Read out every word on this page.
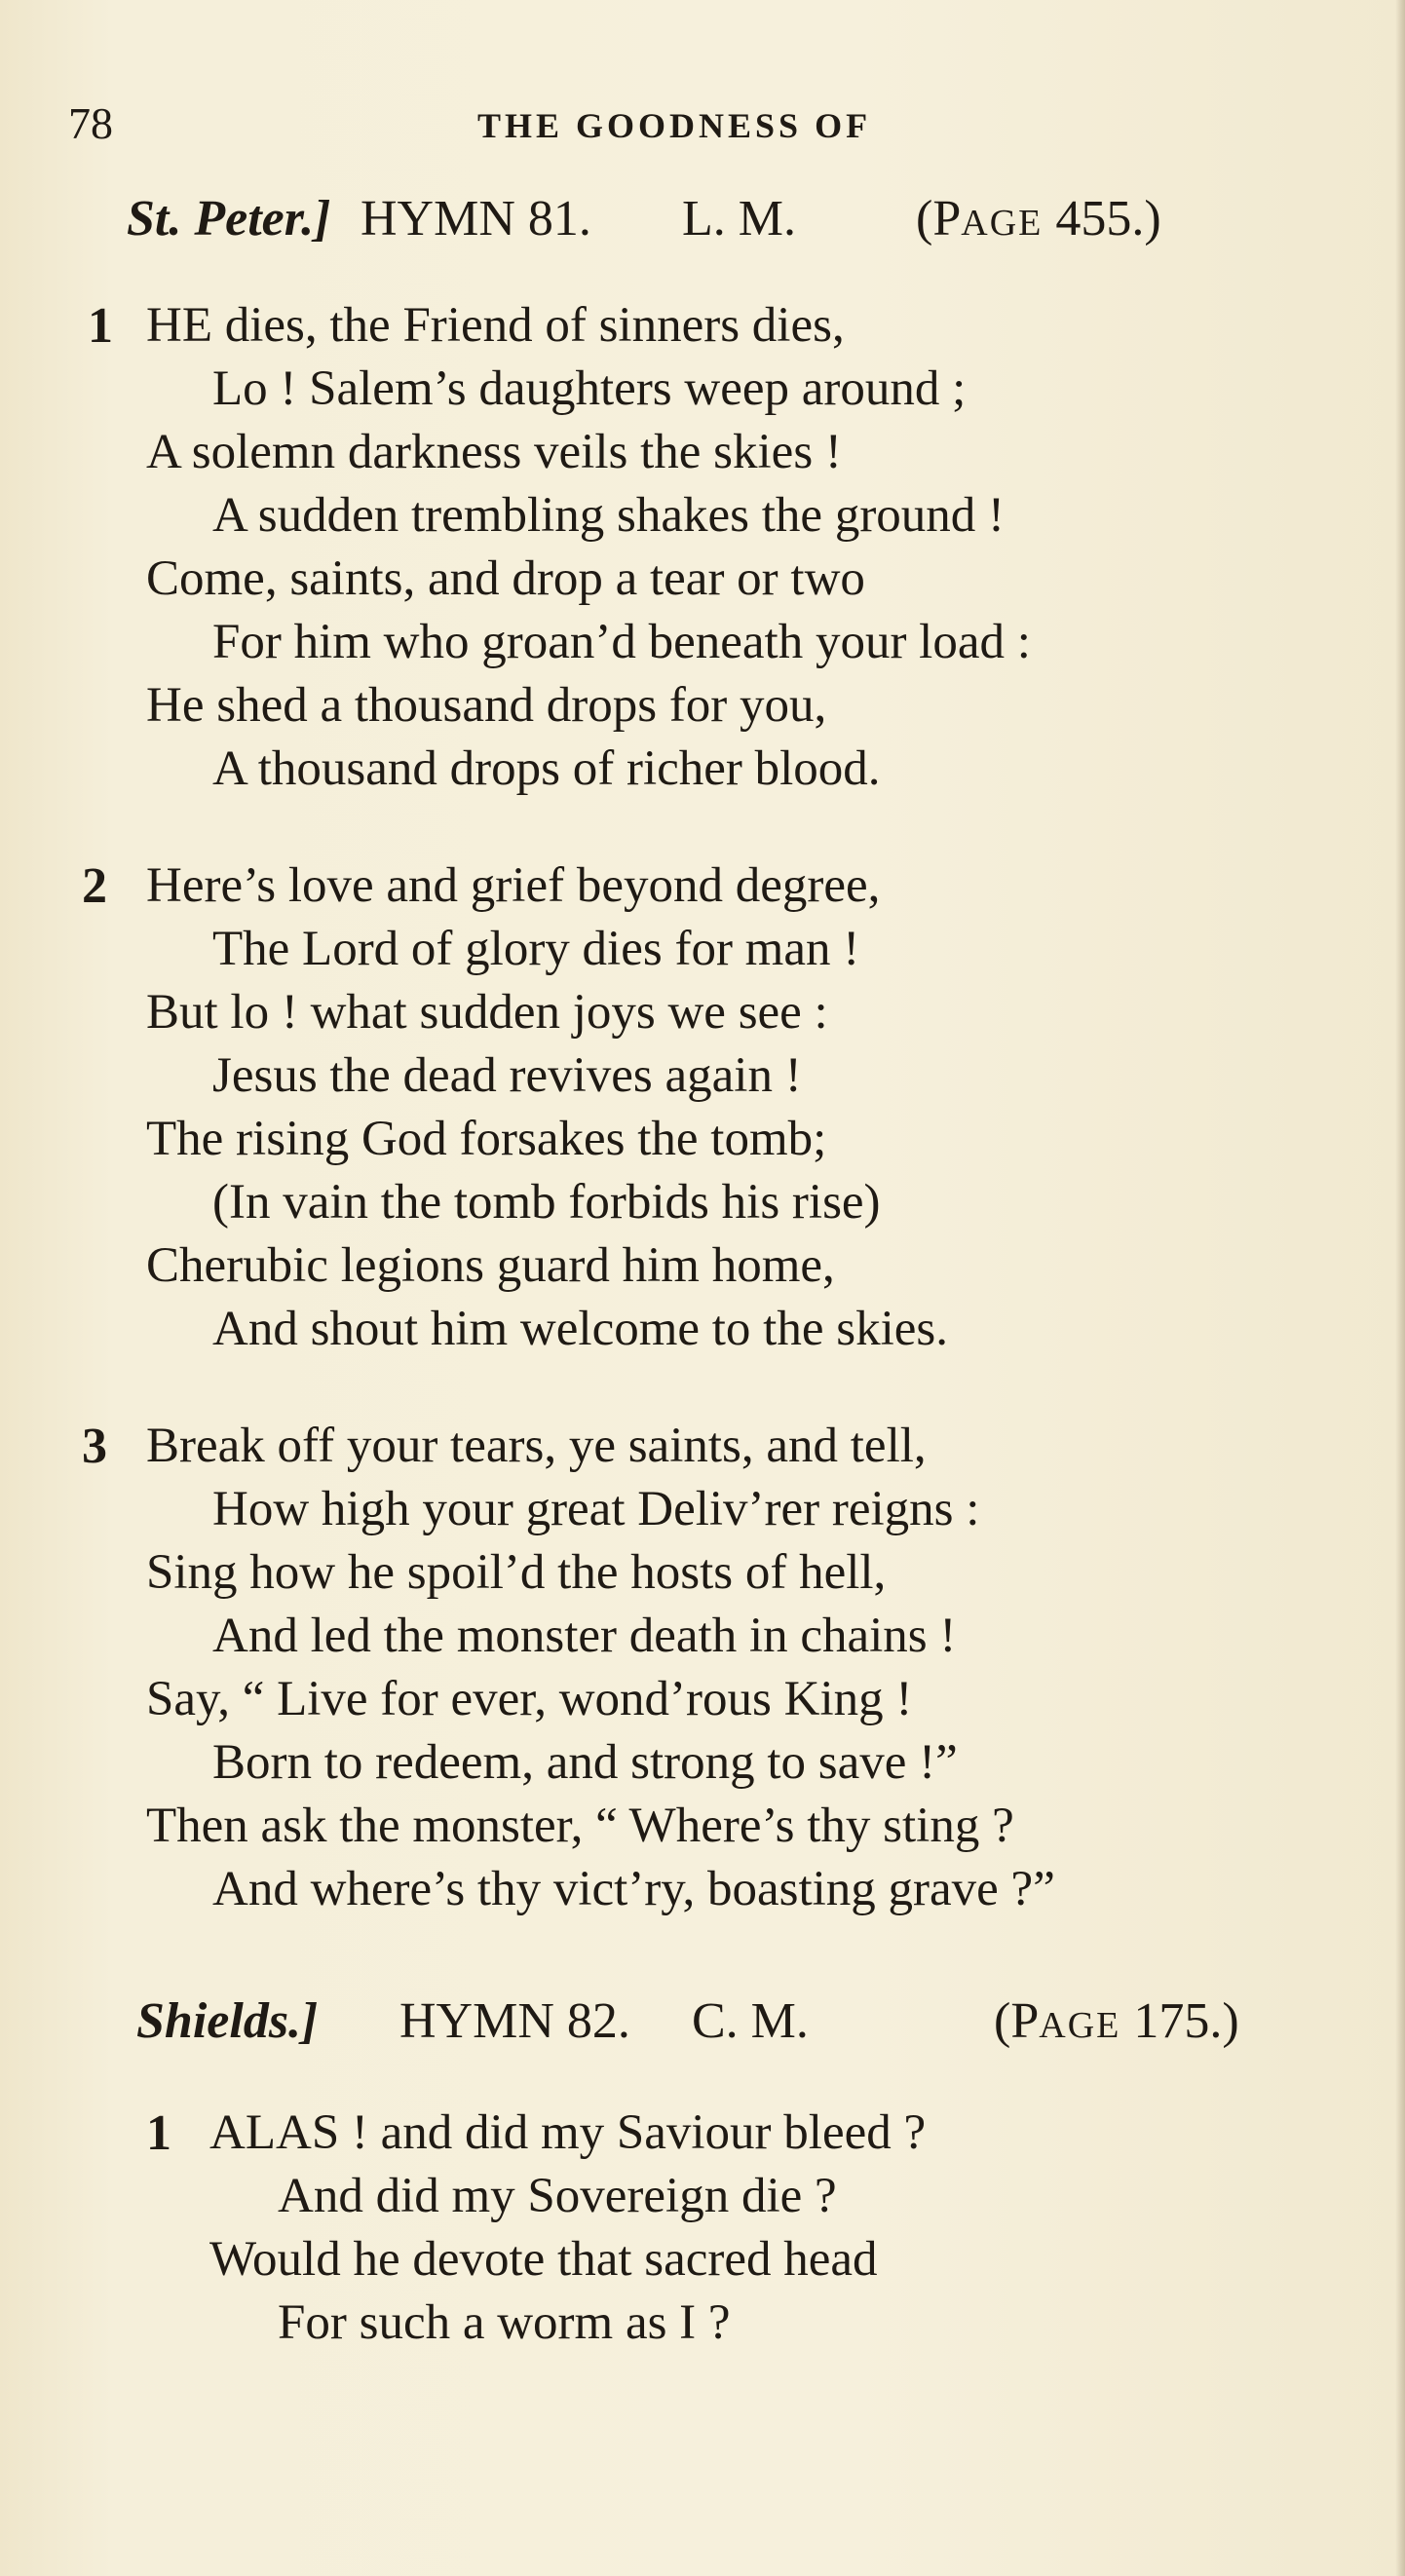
78	THE GOODNESS OF
St. Peter.] HYMN 81. L. M. (PAGE 455.)
1 HE dies, the Friend of sinners dies,
Lo ! Salem’s daughters weep around ;
A solemn darkness veils the skies !
A sudden trembling shakes the ground !
Come, saints, and drop a tear or two
For him who groan’d beneath your load :
He shed a thousand drops for you,
A thousand drops of richer blood.
2 Here’s love and grief beyond degree,
The Lord of glory dies for man !
But lo ! what sudden joys we see :
Jesus the dead revives again !
The rising God forsakes the tomb;
(In vain the tomb forbids his rise)
Cherubic legions guard him home,
And shout him welcome to the skies.
3 Break off your tears, ye saints, and tell,
How high your great Deliv’rer reigns :
Sing how he spoil’d the hosts of hell,
And led the monster death in chains !
Say, “ Live for ever, wond’rous King !
Born to redeem, and strong to save !”
Then ask the monster, “ Where’s thy sting ?
And where’s thy vict’ry, boasting grave ?”
Shields.] HYMN 82. C. M.	(PAGE 175.)
1 ALAS ! and did my Saviour bleed ?
And did my Sovereign die ?
Would he devote that sacred head
For such a worm as I ?
